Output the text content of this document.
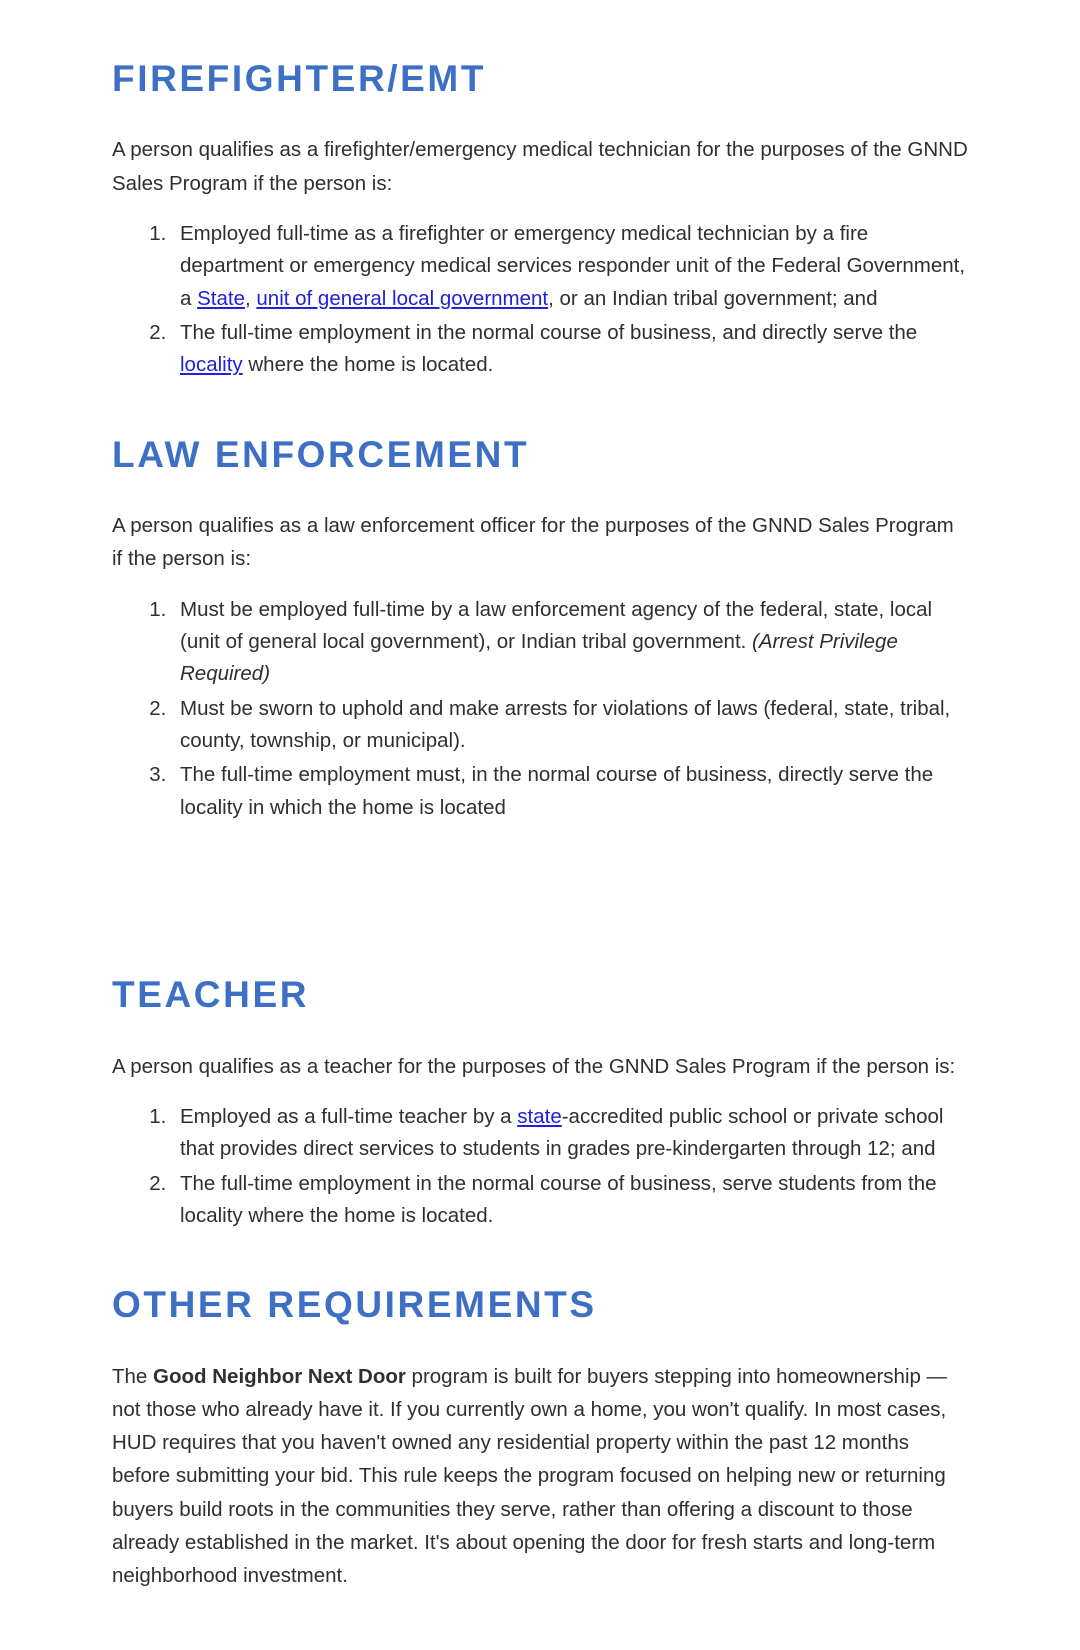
FIREFIGHTER/EMT

A person qualifies as a firefighter/emergency medical technician for the purposes of the GNND Sales Program if the person is:

1. Employed full-time as a firefighter or emergency medical technician by a fire department or emergency medical services responder unit of the Federal Government, a State, unit of general local government, or an Indian tribal government; and
2. The full-time employment in the normal course of business, and directly serve the locality where the home is located.
LAW ENFORCEMENT

A person qualifies as a law enforcement officer for the purposes of the GNND Sales Program if the person is:

1. Must be employed full-time by a law enforcement agency of the federal, state, local (unit of general local government), or Indian tribal government. (Arrest Privilege Required)
2. Must be sworn to uphold and make arrests for violations of laws (federal, state, tribal, county, township, or municipal).
3. The full-time employment must, in the normal course of business, directly serve the locality in which the home is located
TEACHER

A person qualifies as a teacher for the purposes of the GNND Sales Program if the person is:

1. Employed as a full-time teacher by a state-accredited public school or private school that provides direct services to students in grades pre-kindergarten through 12; and
2. The full-time employment in the normal course of business, serve students from the locality where the home is located.
OTHER REQUIREMENTS

The Good Neighbor Next Door program is built for buyers stepping into homeownership — not those who already have it. If you currently own a home, you won't qualify. In most cases, HUD requires that you haven't owned any residential property within the past 12 months before submitting your bid. This rule keeps the program focused on helping new or returning buyers build roots in the communities they serve, rather than offering a discount to those already established in the market. It's about opening the door for fresh starts and long-term neighborhood investment.
